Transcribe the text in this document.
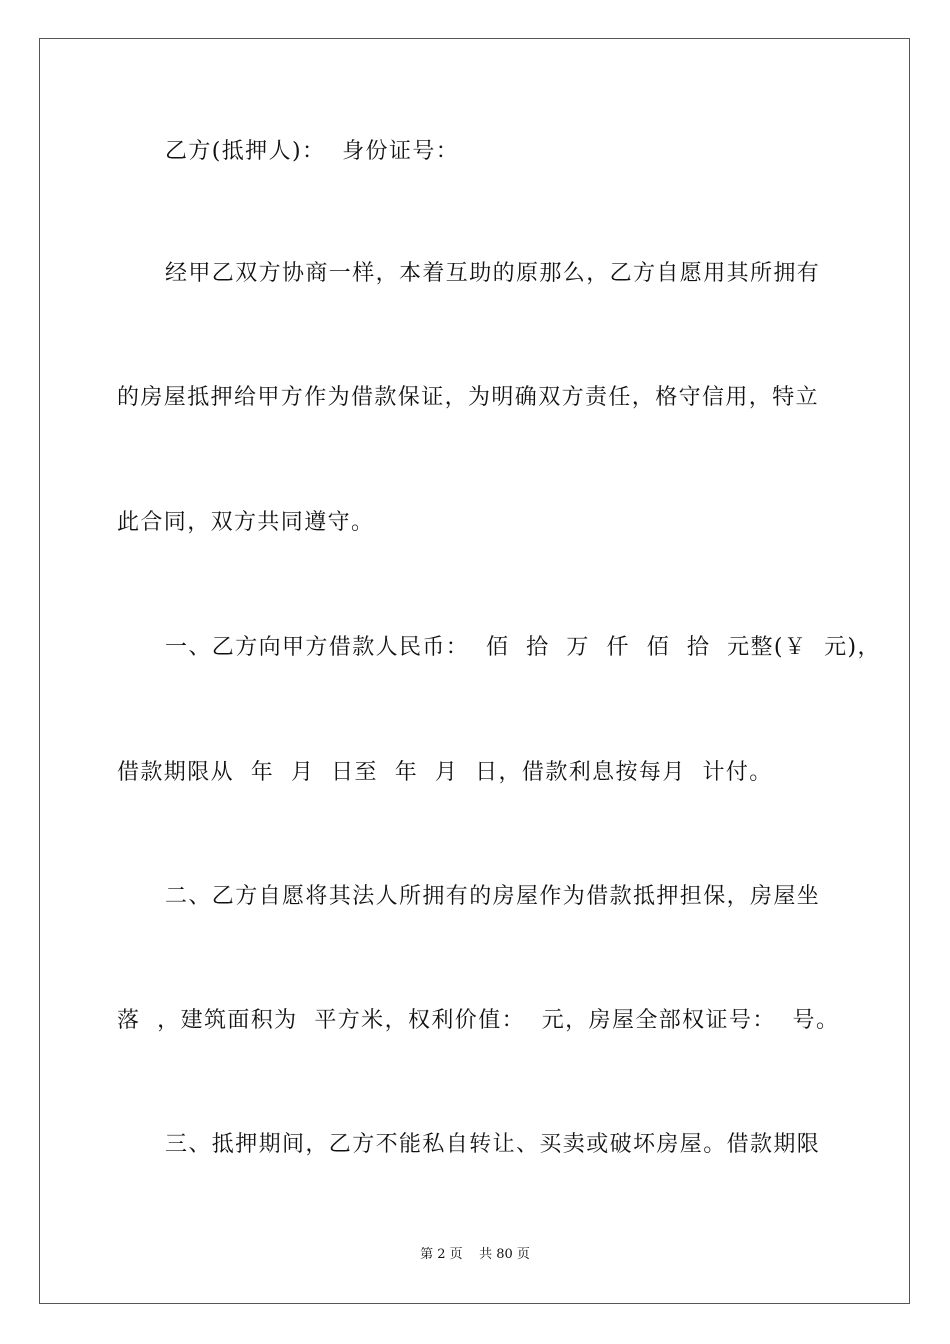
乙方(抵押人)：  身份证号：
经甲乙双方协商一样，本着互助的原那么，乙方自愿用其所拥有
的房屋抵押给甲方作为借款保证，为明确双方责任，格守信用，特立
此合同，双方共同遵守。
一、乙方向甲方借款人民币：  佰  拾  万  仟  佰  拾  元整(￥  元)，
借款期限从  年  月  日至  年  月  日，借款利息按每月  计付。
二、乙方自愿将其法人所拥有的房屋作为借款抵押担保，房屋坐
落  ，建筑面积为  平方米，权利价值：  元，房屋全部权证号：  号。
三、抵押期间，乙方不能私自转让、买卖或破坏房屋。借款期限
第 2 页    共 80 页
